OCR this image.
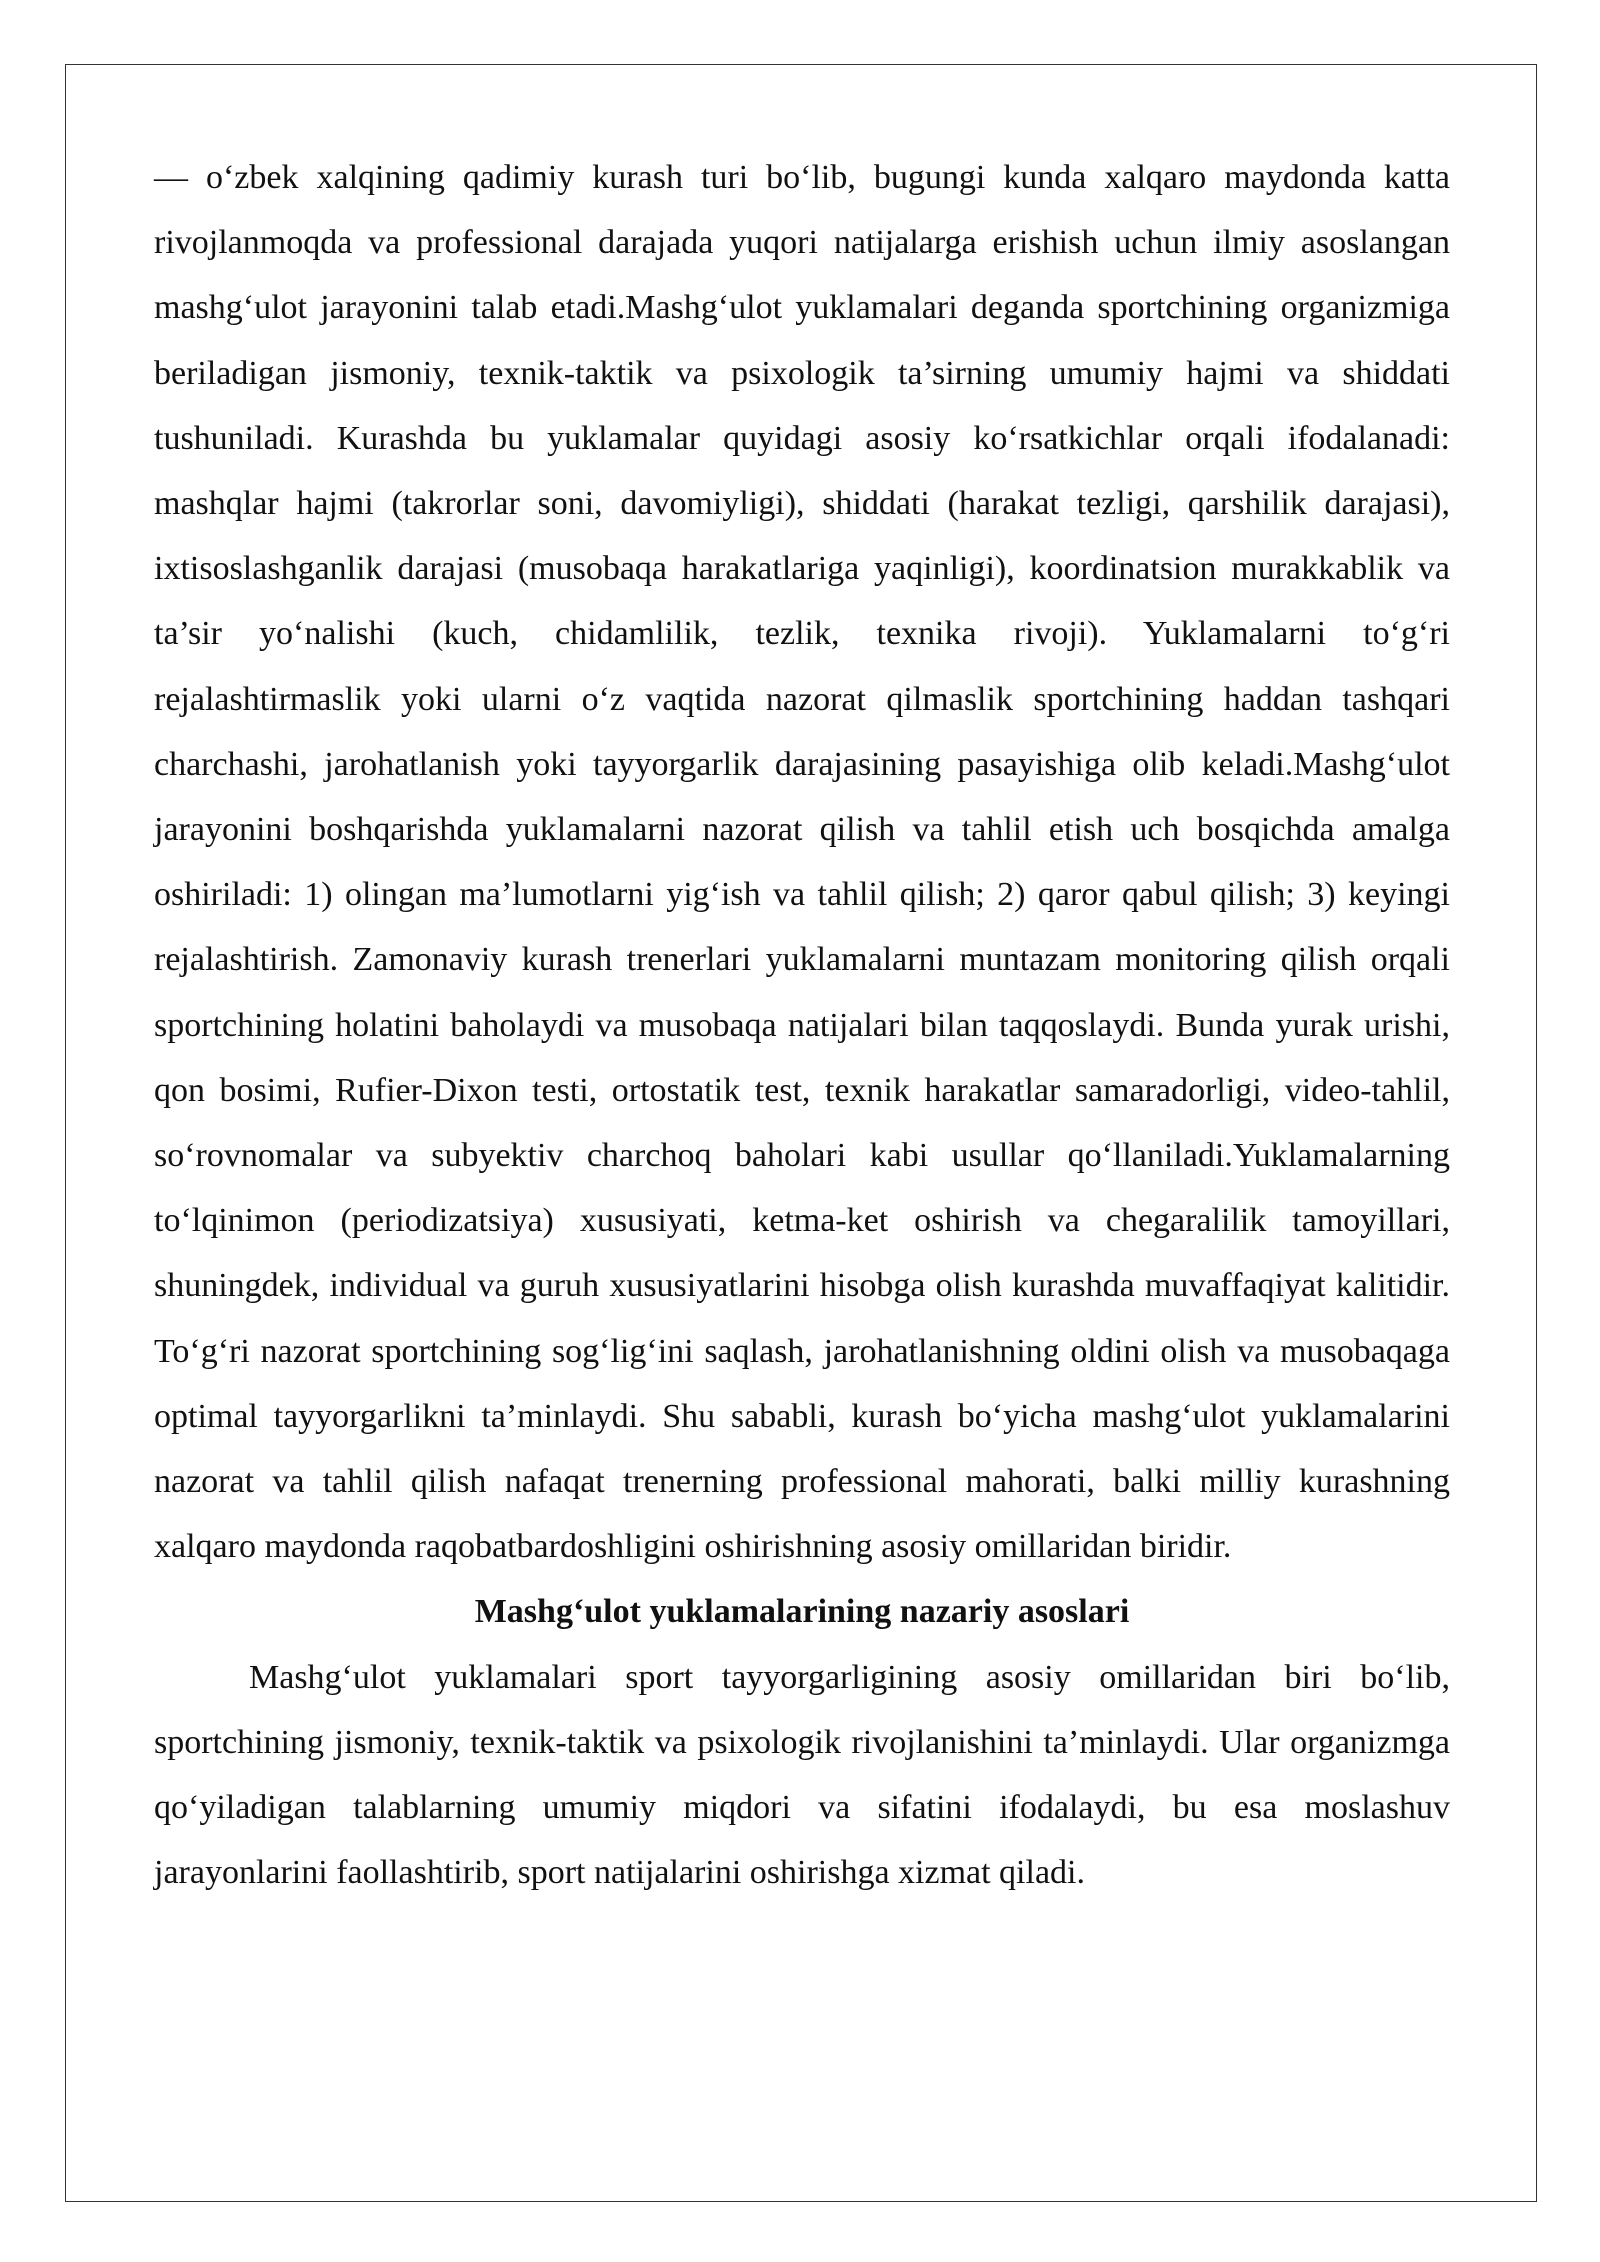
— o‘zbek xalqining qadimiy kurash turi bo‘lib, bugungi kunda xalqaro maydonda katta rivojlanmoqda va professional darajada yuqori natijalarga erishish uchun ilmiy asoslangan mashg‘ulot jarayonini talab etadi.Mashg‘ulot yuklamalari deganda sportchining organizmiga beriladigan jismoniy, texnik-taktik va psixologik ta’sirning umumiy hajmi va shiddati tushuniladi. Kurashda bu yuklamalar quyidagi asosiy ko‘rsatkichlar orqali ifodalanadi: mashqlar hajmi (takrorlar soni, davomiyligi), shiddati (harakat tezligi, qarshilik darajasi), ixtisoslashganlik darajasi (musobaqa harakatlariga yaqinligi), koordinatsion murakkablik va ta’sir yo‘nalishi (kuch, chidamlilik, tezlik, texnika rivoji). Yuklamalarni to‘g‘ri rejalashtirmaslik yoki ularni o‘z vaqtida nazorat qilmaslik sportchining haddan tashqari charchashi, jarohatlanish yoki tayyorgarlik darajasining pasayishiga olib keladi.Mashg‘ulot jarayonini boshqarishda yuklamalarni nazorat qilish va tahlil etish uch bosqichda amalga oshiriladi: 1) olingan ma’lumotlarni yig‘ish va tahlil qilish; 2) qaror qabul qilish; 3) keyingi rejalashtirish. Zamonaviy kurash trenerlari yuklamalarni muntazam monitoring qilish orqali sportchining holatini baholaydi va musobaqa natijalari bilan taqqoslaydi. Bunda yurak urishi, qon bosimi, Rufier-Dixon testi, ortostatik test, texnik harakatlar samaradorligi, video-tahlil, so‘rovnomalar va subyektiv charchoq baholari kabi usullar qo‘llaniladi.Yuklamalarning to‘lqinimon (periodizatsiya) xususiyati, ketma-ket oshirish va chegaralilik tamoyillari, shuningdek, individual va guruh xususiyatlarini hisobga olish kurashda muvaffaqiyat kalitidir. To‘g‘ri nazorat sportchining sog‘lig‘ini saqlash, jarohatlanishning oldini olish va musobaqaga optimal tayyorgarlikni ta’minlaydi. Shu sababli, kurash bo‘yicha mashg‘ulot yuklamalarini nazorat va tahlil qilish nafaqat trenerning professional mahorati, balki milliy kurashning xalqaro maydonda raqobatbardoshligini oshirishning asosiy omillaridan biridir.

Mashg‘ulot yuklamalarining nazariy asoslari

Mashg‘ulot yuklamalari sport tayyorgarligining asosiy omillaridan biri bo‘lib, sportchining jismoniy, texnik-taktik va psixologik rivojlanishini ta’minlaydi. Ular organizmga qo‘yiladigan talablarning umumiy miqdori va sifatini ifodalaydi, bu esa moslashuv jarayonlarini faollashtirib, sport natijalarini oshirishga xizmat qiladi.
